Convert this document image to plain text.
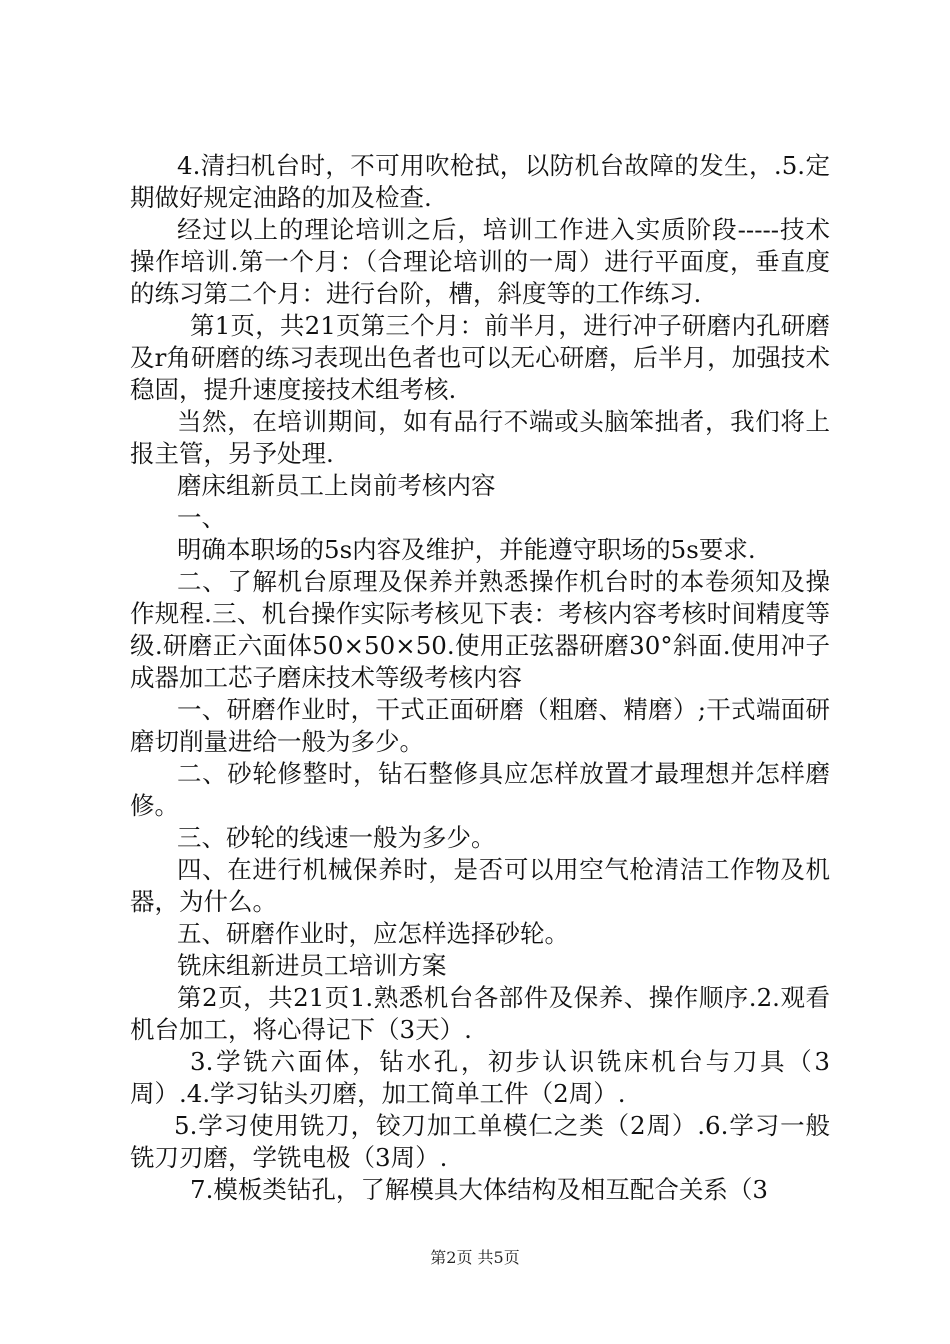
4.清扫机台时，不可用吹枪拭，以防机台故障的发生，.5.定期做好规定油路的加及检查.

经过以上的理论培训之后，培训工作进入实质阶段-----技术操作培训.第一个月：（合理论培训的一周）进行平面度，垂直度的练习第二个月：进行台阶，槽，斜度等的工作练习.

第1页，共21页第三个月：前半月，进行冲子研磨内孔研磨及r角研磨的练习表现出色者也可以无心研磨，后半月，加强技术稳固，提升速度接技术组考核.

当然，在培训期间，如有品行不端或头脑笨拙者，我们将上报主管，另予处理.

磨床组新员工上岗前考核内容

一、

明确本职场的5s内容及维护，并能遵守职场的5s要求.

二、了解机台原理及保养并熟悉操作机台时的本卷须知及操作规程.三、机台操作实际考核见下表：考核内容考核时间精度等级.研磨正六面体50×50×50.使用正弦器研磨30°斜面.使用冲子成器加工芯子磨床技术等级考核内容

一、研磨作业时，干式正面研磨（粗磨、精磨）;干式端面研磨切削量进给一般为多少。

二、砂轮修整时，钻石整修具应怎样放置才最理想并怎样磨修。

三、砂轮的线速一般为多少。

四、在进行机械保养时，是否可以用空气枪清洁工作物及机器，为什么。

五、研磨作业时，应怎样选择砂轮。

铣床组新进员工培训方案

第2页，共21页1.熟悉机台各部件及保养、操作顺序.2.观看机台加工，将心得记下（3天）.

3.学铣六面体，钻水孔，初步认识铣床机台与刀具（3周）.4.学习钻头刃磨，加工简单工件（2周）.

5.学习使用铣刀，铰刀加工单模仁之类（2周）.6.学习一般铣刀刃磨，学铣电极（3周）.

7.模板类钻孔，了解模具大体结构及相互配合关系（3

第2页 共5页
